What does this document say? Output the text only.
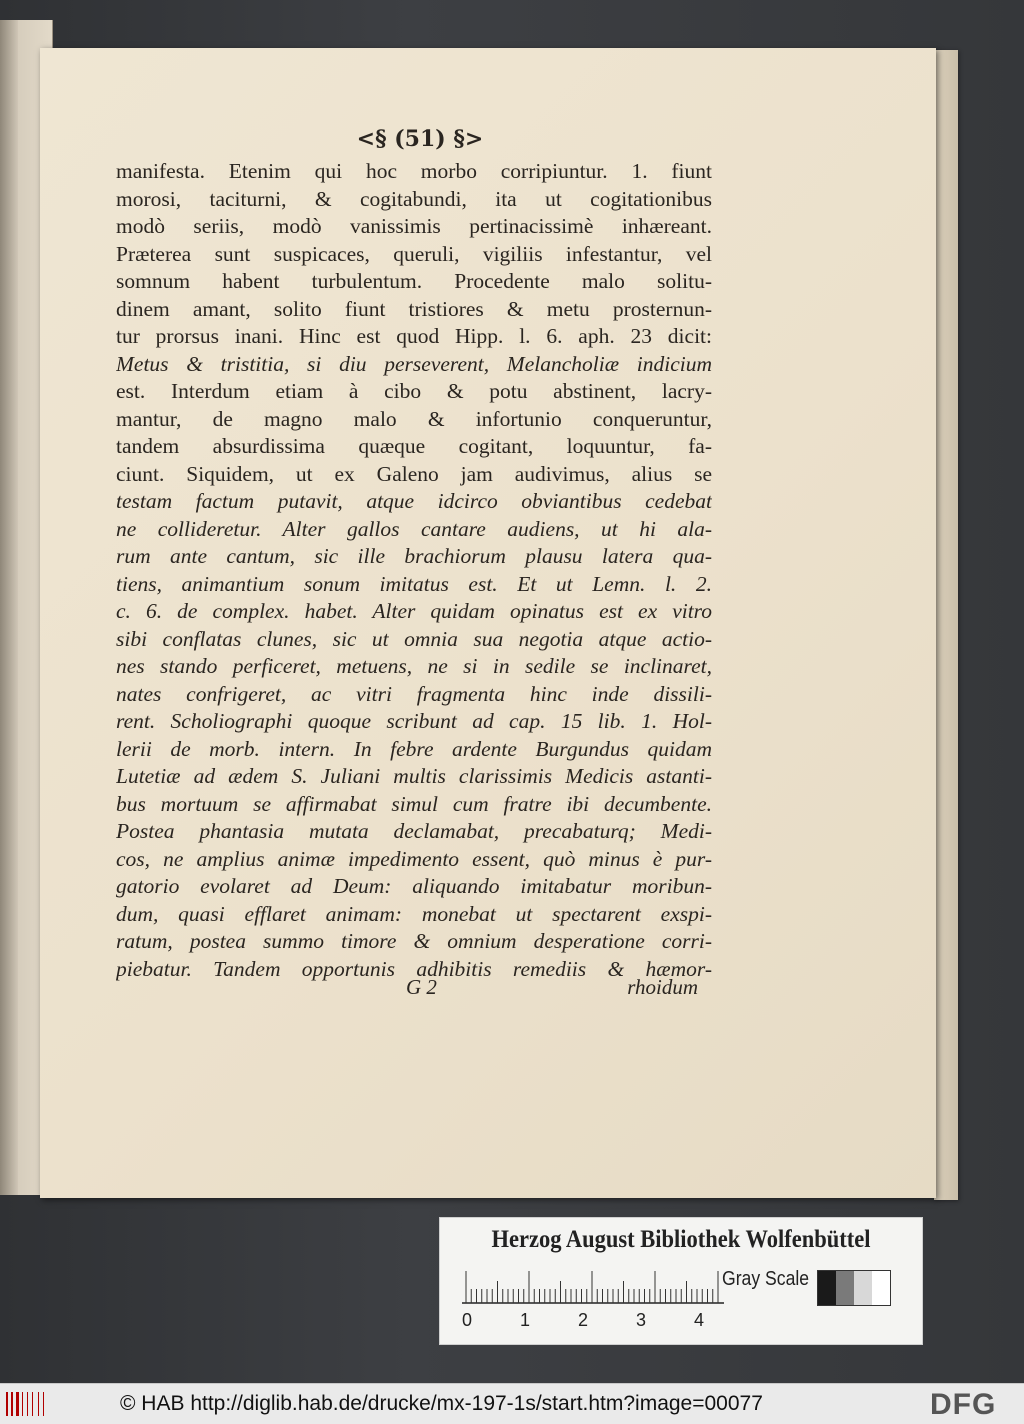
<§ (51) §>
manifesta. Etenim qui hoc morbo corripiuntur. 1. fiunt
morosi, taciturni, & cogitabundi, ita ut cogitationibus
modò seriis, modò vanissimis pertinacissimè inhæreant.
Præterea sunt suspicaces, queruli, vigiliis infestantur, vel
somnum habent turbulentum. Procedente malo solitu-
dinem amant, solito fiunt tristiores & metu prosternun-
tur prorsus inani. Hinc est quod Hipp. l. 6. aph. 23 dicit:
Metus & tristitia, si diu perseverent, Melancholiæ indicium
est. Interdum etiam à cibo & potu abstinent, lacry-
mantur, de magno malo & infortunio conqueruntur,
tandem absurdissima quæque cogitant, loquuntur, fa-
ciunt. Siquidem, ut ex Galeno jam audivimus, alius se
testam factum putavit, atque idcirco obviantibus cedebat
ne collideretur. Alter gallos cantare audiens, ut hi ala-
rum ante cantum, sic ille brachiorum plausu latera qua-
tiens, animantium sonum imitatus est. Et ut Lemn. l. 2.
c. 6. de complex. habet. Alter quidam opinatus est ex vitro
sibi conflatas clunes, sic ut omnia sua negotia atque actio-
nes stando perficeret, metuens, ne si in sedile se inclinaret,
nates confrigeret, ac vitri fragmenta hinc inde dissili-
rent. Scholiographi quoque scribunt ad cap. 15 lib. 1. Hol-
lerii de morb. intern. In febre ardente Burgundus quidam
Lutetiæ ad ædem S. Juliani multis clarissimis Medicis astanti-
bus mortuum se affirmabat simul cum fratre ibi decumbente.
Postea phantasia mutata declamabat, precabaturq; Medi-
cos, ne amplius animæ impedimento essent, quò minus è pur-
gatorio evolaret ad Deum: aliquando imitabatur moribun-
dum, quasi efflaret animam: monebat ut spectarent exspi-
ratum, postea summo timore & omnium desperatione corri-
piebatur. Tandem opportunis adhibitis remediis & hæmor-
G 2	rhoidum
Herzog August Bibliothek Wolfenbüttel
0	1	2	3	4
Gray Scale
© HAB http://diglib.hab.de/drucke/mx-197-1s/start.htm?image=00077	DFG
